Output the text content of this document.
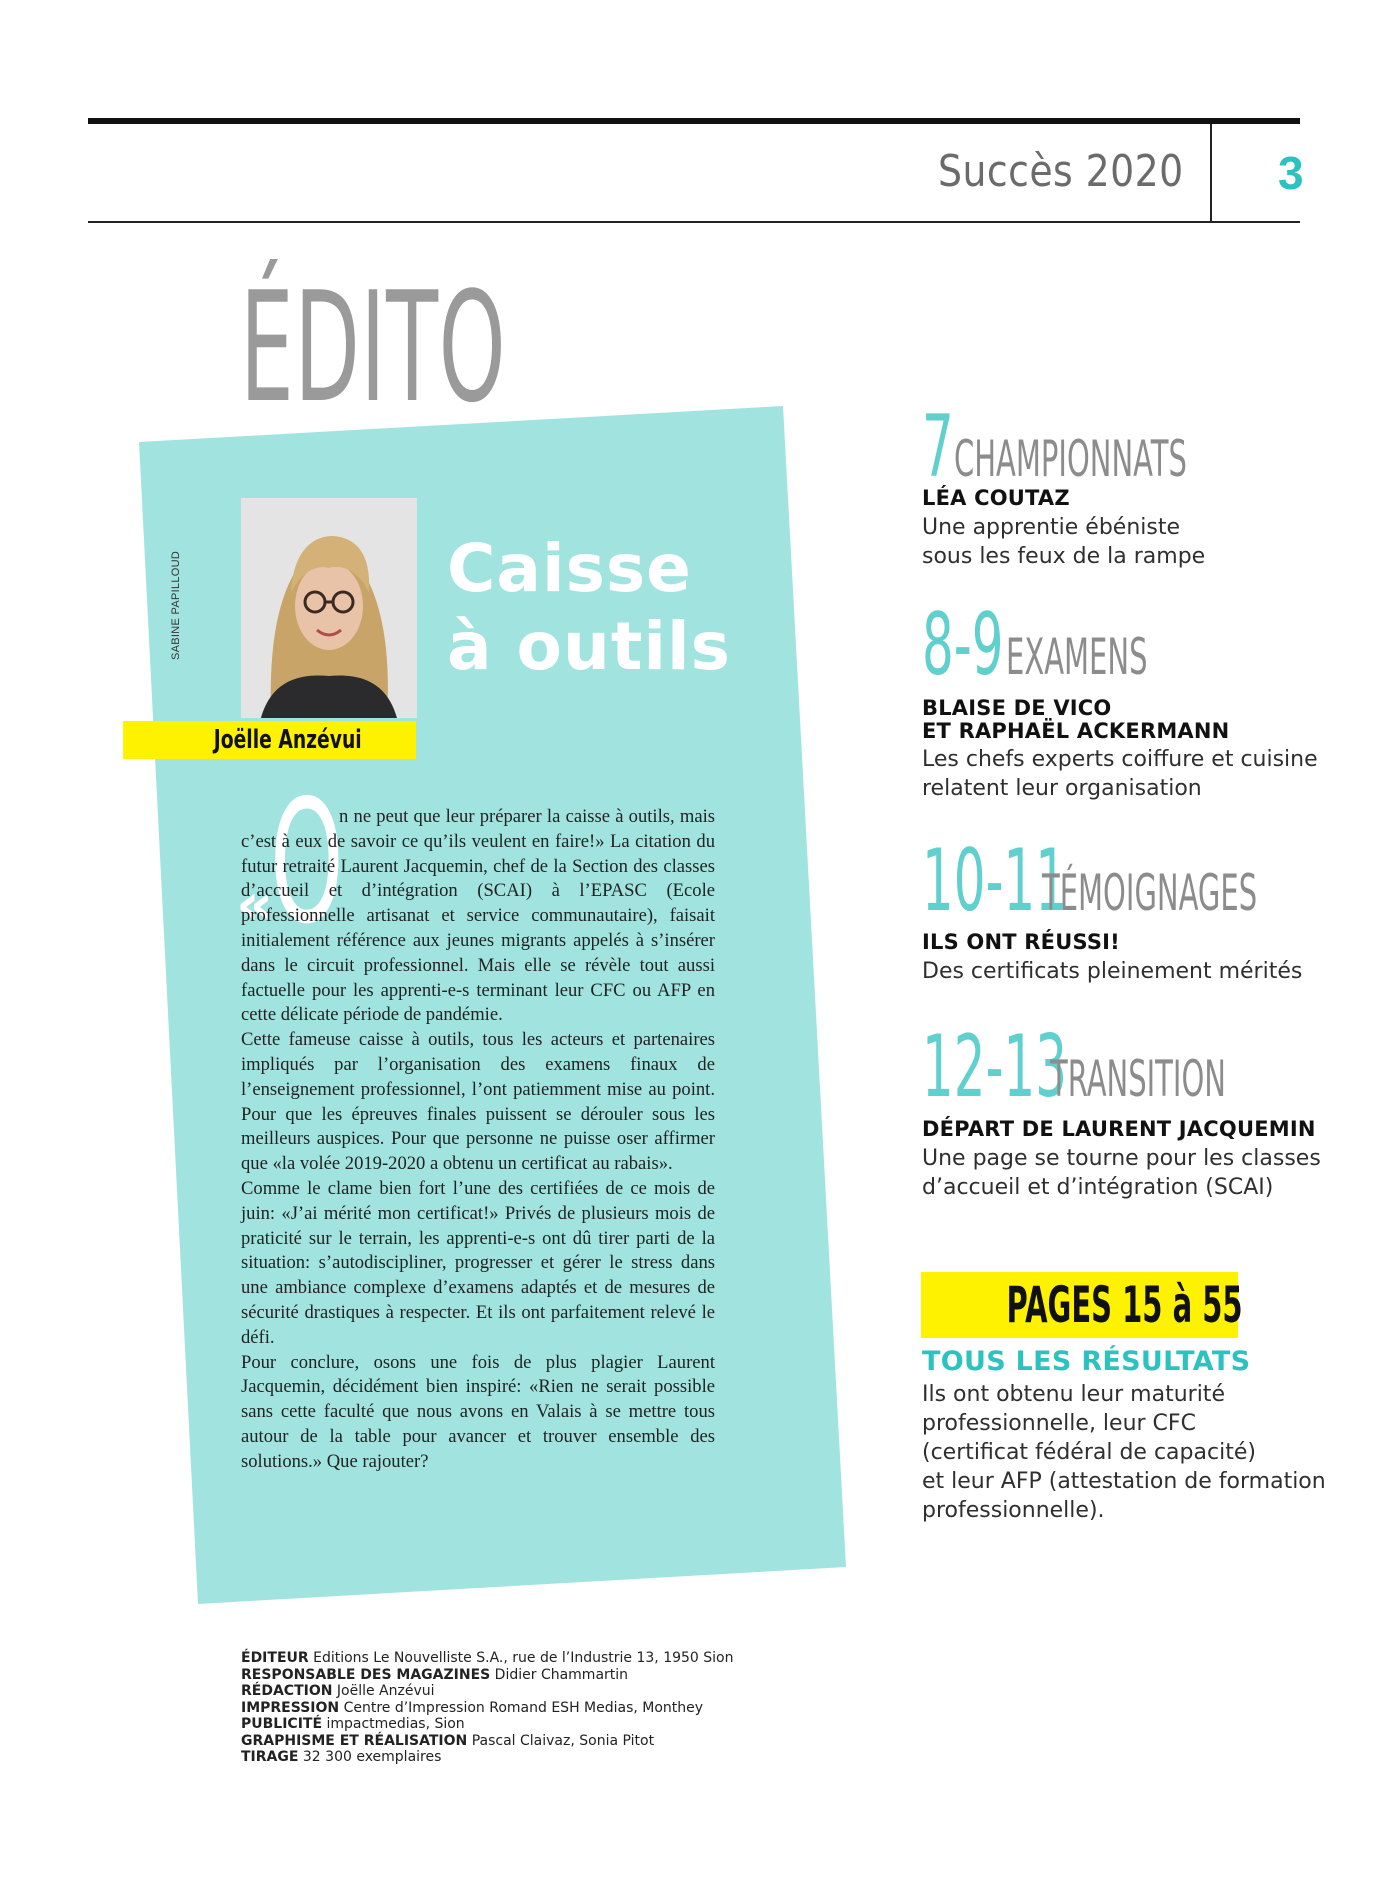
Succès 2020 3
ÉDITO
SABINE PAPILLOUD
Joëlle Anzévui
Caisse
à outils
«
O

n ne peut que leur préparer la caisse à outils, mais c’est à eux de savoir ce qu’ils veulent en faire!» La citation du futur retraité Laurent Jacquemin, chef de la Section des classes d’accueil et d’intégration (SCAI) à l’EPASC (Ecole professionnelle artisanat et service communautaire), faisait initialement référence aux jeunes migrants appelés à s’insérer dans le circuit professionnel. Mais elle se révèle tout aussi factuelle pour les apprenti-e-s terminant leur CFC ou AFP en cette délicate période de pandémie.

Cette fameuse caisse à outils, tous les acteurs et partenaires impliqués par l’organisation des examens finaux de l’enseignement professionnel, l’ont patiemment mise au point. Pour que les épreuves finales puissent se dérouler sous les meilleurs auspices. Pour que personne ne puisse oser affirmer que «la volée 2019-2020 a obtenu un certificat au rabais».

Comme le clame bien fort l’une des certifiées de ce mois de juin: «J’ai mérité mon certificat!» Privés de plusieurs mois de praticité sur le terrain, les apprenti-e-s ont dû tirer parti de la situation: s’autodiscipliner, progresser et gérer le stress dans une ambiance complexe d’examens adaptés et de mesures de sécurité drastiques à respecter. Et ils ont parfaitement relevé le défi.

Pour conclure, osons une fois de plus plagier Laurent Jacquemin, décidément bien inspiré: «Rien ne serait possible sans cette faculté que nous avons en Valais à se mettre tous autour de la table pour avancer et trouver ensemble des solutions.» Que rajouter?

7 CHAMPIONNATS
LÉA COUTAZ
Une apprentie ébéniste
sous les feux de la rampe
8-9 EXAMENS
BLAISE DE VICO
ET RAPHAËL ACKERMANN
Les chefs experts coiffure et cuisine
relatent leur organisation
10-11
TÉMOIGNAGES
ILS ONT RÉUSSI!
Des certificats pleinement mérités
12-13
TRANSITION
DÉPART DE LAURENT JACQUEMIN
Une page se tourne pour les classes
d’accueil et d’intégration (SCAI)
PAGES 15 à 55
TOUS LES RÉSULTATS
Ils ont obtenu leur maturité
professionnelle, leur CFC
(certificat fédéral de capacité)
et leur AFP (attestation de formation
professionnelle).
ÉDITEUR Editions Le Nouvelliste S.A., rue de l’Industrie 13, 1950 Sion
RESPONSABLE DES MAGAZINES Didier Chammartin
RÉDACTION Joëlle Anzévui
IMPRESSION Centre d’Impression Romand ESH Medias, Monthey
PUBLICITÉ impactmedias, Sion
GRAPHISME ET RÉALISATION Pascal Claivaz, Sonia Pitot
TIRAGE 32 300 exemplaires
